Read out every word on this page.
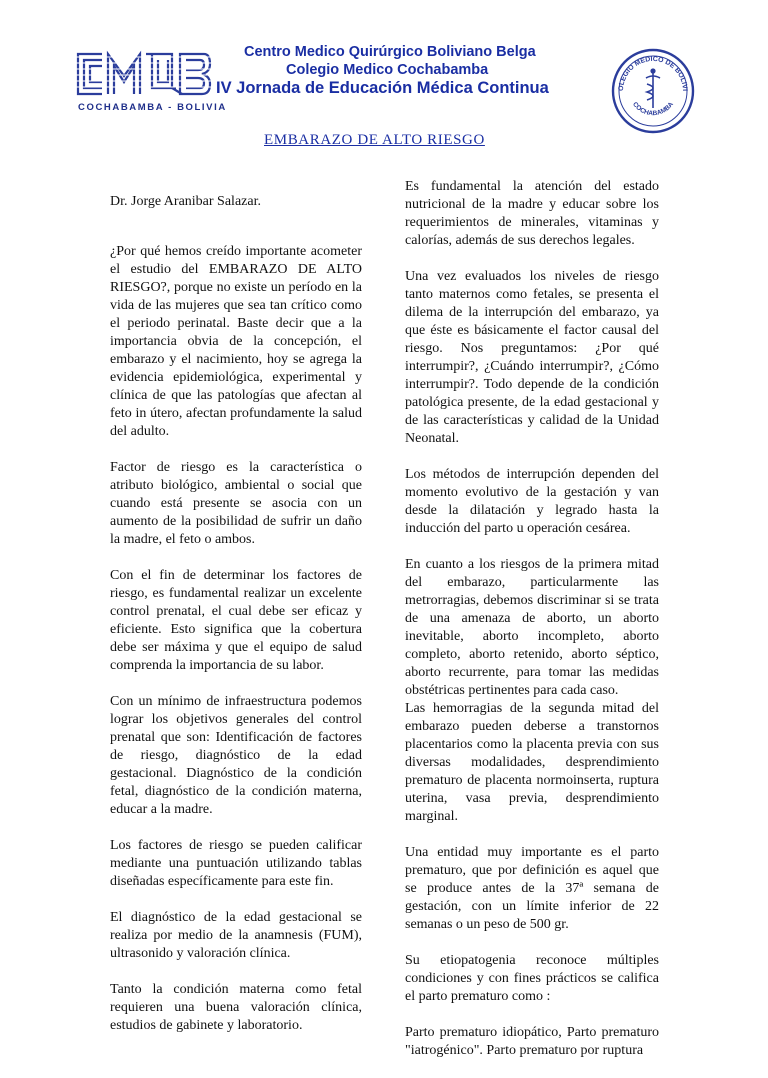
COCHABAMBA - BOLIVIA
Centro Medico Quirúrgico Boliviano Belga
Colegio Medico Cochabamba
IV Jornada de Educación Médica Continua	OLEGIO MEDICO DE BOLIVI
COCHABAMBA
EMBARAZO DE ALTO RIESGO

Dr. Jorge Aranibar Salazar.

¿Por qué hemos creído importante acometer el estudio del EMBARAZO DE ALTO RIESGO?, porque no existe un período en la vida de las mujeres que sea tan crítico como el periodo perinatal. Baste decir que a la importancia obvia de la concepción, el embarazo y el nacimiento, hoy se agrega la evidencia epidemiológica, experimental y clínica de que las patologías que afectan al feto in útero, afectan profundamente la salud del adulto.

Factor de riesgo es la característica o atributo biológico, ambiental o social que cuando está presente se asocia con un aumento de la posibilidad de sufrir un daño la madre, el feto o ambos.

Con el fin de determinar los factores de riesgo, es fundamental realizar un excelente control prenatal, el cual debe ser eficaz y eficiente. Esto significa que la cobertura debe ser máxima y que el equipo de salud comprenda la importancia de su labor.

Con un mínimo de infraestructura podemos lograr los objetivos generales del control prenatal que son: Identificación de factores de riesgo, diagnóstico de la edad gestacional. Diagnóstico de la condición fetal, diagnóstico de la condición materna, educar a la madre.

Los factores de riesgo se pueden calificar mediante una puntuación utilizando tablas diseñadas específicamente para este fin.

El diagnóstico de la edad gestacional se realiza por medio de la anamnesis (FUM), ultrasonido y valoración clínica.

Tanto la condición materna como fetal requieren una buena valoración clínica, estudios de gabinete y laboratorio.

Es fundamental la atención del estado nutricional de la madre y educar sobre los requerimientos de minerales, vitaminas y calorías, además de sus derechos legales.

Una vez evaluados los niveles de riesgo tanto maternos como fetales, se presenta el dilema de la interrupción del embarazo, ya que éste es básicamente el factor causal del riesgo. Nos preguntamos: ¿Por qué interrumpir?, ¿Cuándo interrumpir?, ¿Cómo interrumpir?. Todo depende de la condición patológica presente, de la edad gestacional y de las características y calidad de la Unidad Neonatal.

Los métodos de interrupción dependen del momento evolutivo de la gestación y van desde la dilatación y legrado hasta la inducción del parto u operación cesárea.

En cuanto a los riesgos de la primera mitad del embarazo, particularmente las metrorragias, debemos discriminar si se trata de una amenaza de aborto, un aborto inevitable, aborto incompleto, aborto completo, aborto retenido, aborto séptico, aborto recurrente, para tomar las medidas obstétricas pertinentes para cada caso.

Las hemorragias de la segunda mitad del embarazo pueden deberse a transtornos placentarios como la placenta previa con sus diversas modalidades, desprendimiento prematuro de placenta normoinserta, ruptura uterina, vasa previa, desprendimiento marginal.

Una entidad muy importante es el parto prematuro, que por definición es aquel que se produce antes de la 37ª semana de gestación, con un límite inferior de 22 semanas o un peso de 500 gr.

Su etiopatogenia reconoce múltiples condiciones y con fines prácticos se califica el parto prematuro como :

Parto prematuro idiopático, Parto prematuro "iatrogénico". Parto prematuro por ruptura
